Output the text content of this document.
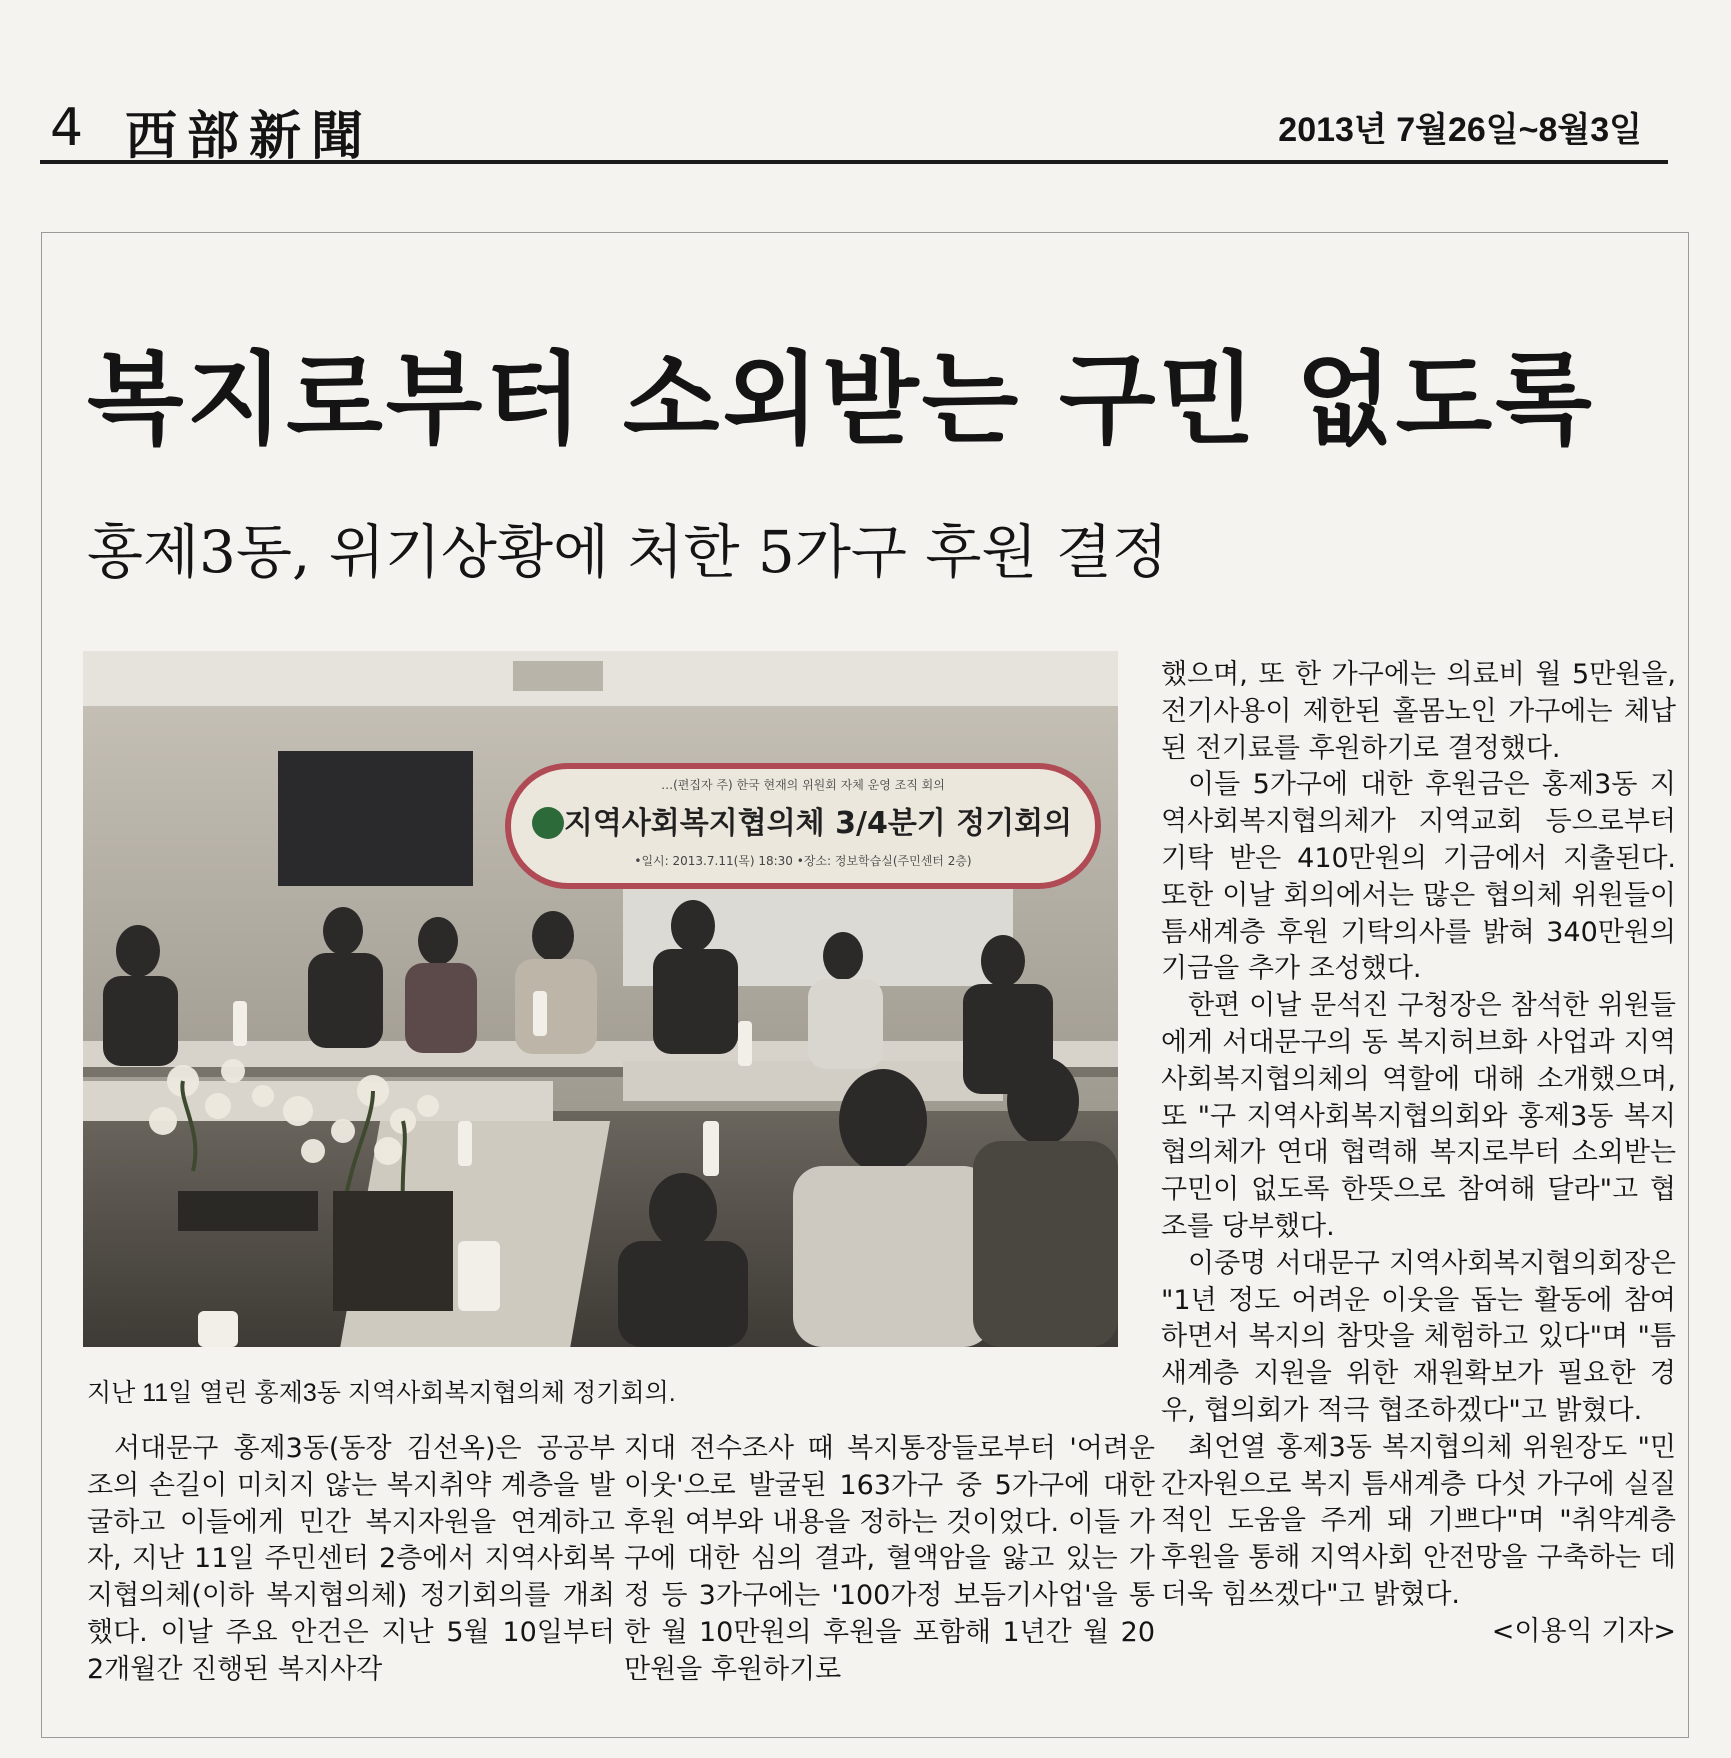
4 西部新聞	2013년 7월26일~8월3일
복지로부터 소외받는 구민 없도록
홍제3동, 위기상황에 처한 5가구 후원 결정
…(편집자 주) 한국 현재의 위원회 자체 운영 조직 회의
지역사회복지협의체 3/4분기 정기회의
•일시: 2013.7.11(목) 18:30 •장소: 정보학습실(주민센터 2층)
지난 11일 열린 홍제3동 지역사회복지협의체 정기회의.

서대문구 홍제3동(동장 김선옥)은 공공부조의 손길이 미치지 않는 복지취약 계층을 발굴하고 이들에게 민간 복지자원을 연계하고자, 지난 11일 주민센터 2층에서 지역사회복지협의체(이하 복지협의체) 정기회의를 개최했다. 이날 주요 안건은 지난 5월 10일부터 2개월간 진행된 복지사각

지대 전수조사 때 복지통장들로부터 '어려운 이웃'으로 발굴된 163가구 중 5가구에 대한 후원 여부와 내용을 정하는 것이었다. 이들 가구에 대한 심의 결과, 혈액암을 앓고 있는 가정 등 3가구에는 '100가정 보듬기사업'을 통한 월 10만원의 후원을 포함해 1년간 월 20만원을 후원하기로

했으며, 또 한 가구에는 의료비 월 5만원을, 전기사용이 제한된 홀몸노인 가구에는 체납된 전기료를 후원하기로 결정했다.

이들 5가구에 대한 후원금은 홍제3동 지역사회복지협의체가 지역교회 등으로부터 기탁 받은 410만원의 기금에서 지출된다. 또한 이날 회의에서는 많은 협의체 위원들이 틈새계층 후원 기탁의사를 밝혀 340만원의 기금을 추가 조성했다.

한편 이날 문석진 구청장은 참석한 위원들에게 서대문구의 동 복지허브화 사업과 지역사회복지협의체의 역할에 대해 소개했으며, 또 "구 지역사회복지협의회와 홍제3동 복지협의체가 연대 협력해 복지로부터 소외받는 구민이 없도록 한뜻으로 참여해 달라"고 협조를 당부했다.

이중명 서대문구 지역사회복지협의회장은 "1년 정도 어려운 이웃을 돕는 활동에 참여하면서 복지의 참맛을 체험하고 있다"며 "틈새계층 지원을 위한 재원확보가 필요한 경우, 협의회가 적극 협조하겠다"고 밝혔다.

최언열 홍제3동 복지협의체 위원장도 "민간자원으로 복지 틈새계층 다섯 가구에 실질적인 도움을 주게 돼 기쁘다"며 "취약계층 후원을 통해 지역사회 안전망을 구축하는 데 더욱 힘쓰겠다"고 밝혔다.

<이용익 기자>
